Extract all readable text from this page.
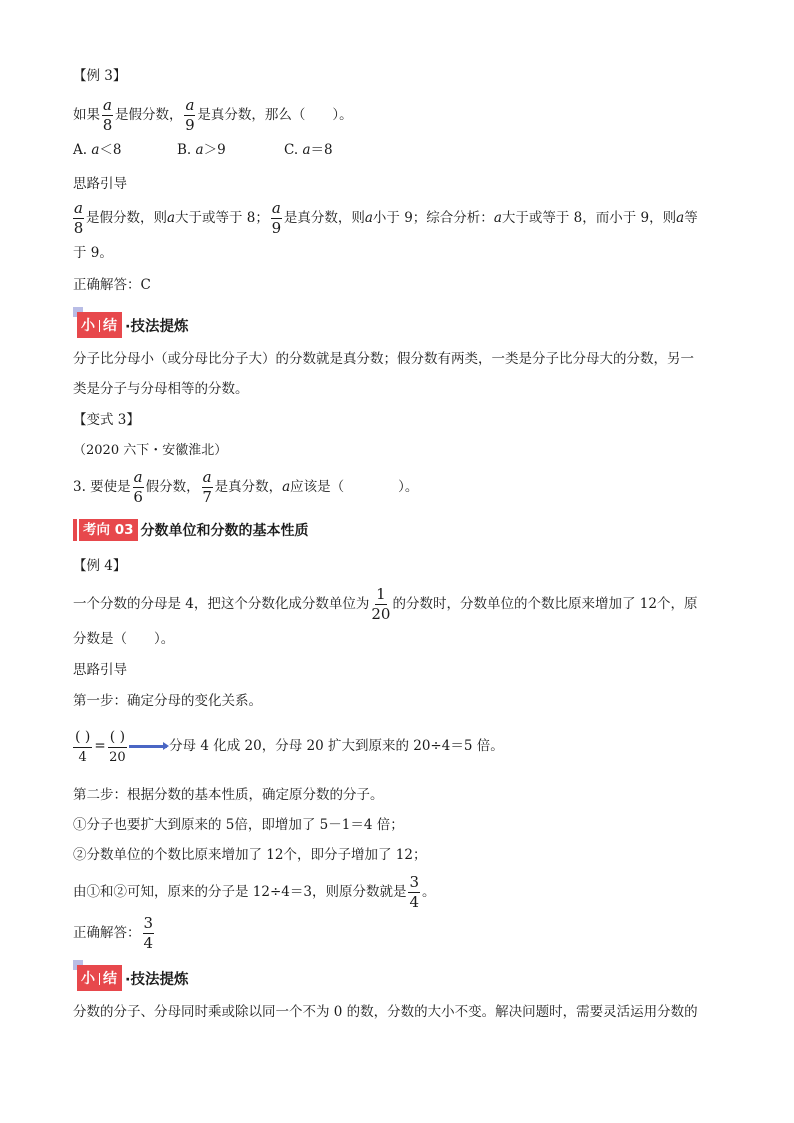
【例 3】
如果 $\frac{a}{8}$ 是假分数， $\frac{a}{9}$ 是真分数，那么（　　）。
A. a＜8	B. a＞9	C. a＝8
思路引导
$\frac{a}{8}$ 是假分数，则a大于或等于 8； $\frac{a}{9}$ 是真分数，则a小于 9；综合分析：a大于或等于 8，而小于 9，则a等
于 9。
正确解答：C
小 结 ·技法提炼
分子比分母小（或分母比分子大）的分数就是真分数；假分数有两类，一类是分子比分母大的分数，另一
类是分子与分母相等的分数。
【变式 3】
（2020 六下・安徽淮北）
3. 要使是 $\frac{a}{6}$ 假分数， $\frac{a}{7}$ 是真分数，a应该是（　　　　）。
考向 03 分数单位和分数的基本性质
【例 4】
一个分数的分母是 4，把这个分数化成分数单位为 $\frac{1}{20}$ 的分数时，分数单位的个数比原来增加了 12个，原
分数是（　　）。
思路引导
第一步：确定分母的变化关系。
$\frac{( )}{4} = \frac{( )}{20}$	分母 4 化成 20，分母 20 扩大到原来的 20÷4＝5 倍。
第二步：根据分数的基本性质，确定原分数的分子。
①分子也要扩大到原来的 5倍，即增加了 5－1＝4 倍；
②分数单位的个数比原来增加了 12个，即分子增加了 12；
由①和②可知，原来的分子是 12÷4＝3，则原分数就是 $\frac{3}{4}$ 。
正确解答： $\frac{3}{4}$
小 结 ·技法提炼
分数的分子、分母同时乘或除以同一个不为 0 的数，分数的大小不变。解决问题时，需要灵活运用分数的
